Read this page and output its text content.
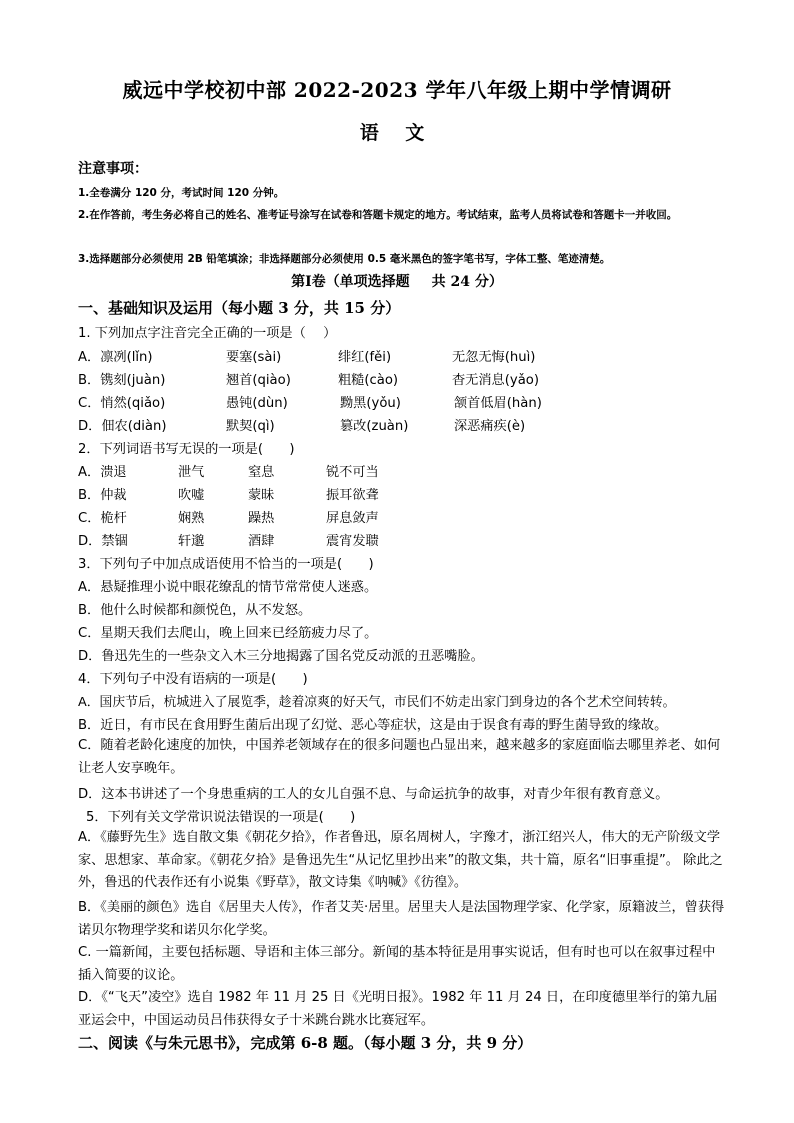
威远中学校初中部 2022-2023 学年八年级上期中学情调研
语 文
注意事项：
1.全卷满分 120 分，考试时间 120 分钟。
2.在作答前，考生务必将自己的姓名、准考证号涂写在试卷和答题卡规定的地方。考试结束，监考人员将试卷和答题卡一并收回。
3.选择题部分必须使用 2B 铅笔填涂；非选择题部分必须使用 0.5 毫米黑色的签字笔书写，字体工整、笔迹清楚。
第Ⅰ卷（单项选择题 共 24 分）
一、基础知识及运用（每小题 3 分，共 15 分）
1. 下列加点字注音完全正确的一项是（　 ）
A．凛冽(lǐn)	要塞(sài)	绯红(fěi)	无忽无悔(huì)
B．镌刻(juàn)	翘首(qiào)	粗糙(cào)	杳无消息(yǎo)
C．悄然(qiǎo)	愚钝(dùn)	黝黑(yǒu)	颔首低眉(hàn)
D．佃农(diàn)	默契(qì)	篡改(zuàn)	深恶痛疾(è)
2．下列词语书写无误的一项是(　　)
A．溃退	泄气	窒息	锐不可当
B．仲裁	吹嘘	蒙昧	振耳欲聋
C．桅杆	娴熟	躁热	屏息敛声
D．禁锢	轩邈	酒肆	震宵发聩
3．下列句子中加点成语使用不恰当的一项是(　　)
A．悬疑推理小说中眼花缭乱的情节常常使人迷惑。
B．他什么时候都和颜悦色，从不发怒。
C．星期天我们去爬山，晚上回来已经筋疲力尽了。
D．鲁迅先生的一些杂文入木三分地揭露了国名党反动派的丑恶嘴脸。
4．下列句子中没有语病的一项是(　　)
A．国庆节后，杭城进入了展览季，趁着凉爽的好天气，市民们不妨走出家门到身边的各个艺术空间转转。
B．近日，有市民在食用野生菌后出现了幻觉、恶心等症状，这是由于误食有毒的野生菌导致的缘故。
C．随着老龄化速度的加快，中国养老领域存在的很多问题也凸显出来，越来越多的家庭面临去哪里养老、如何让老人安享晚年。
D．这本书讲述了一个身患重病的工人的女儿自强不息、与命运抗争的故事，对青少年很有教育意义。
5．下列有关文学常识说法错误的一项是(　　)
A．《藤野先生》选自散文集《朝花夕拾》，作者鲁迅，原名周树人，字豫才，浙江绍兴人，伟大的无产阶级文学家、思想家、革命家。《朝花夕拾》是鲁迅先生“从记忆里抄出来”的散文集，共十篇，原名“旧事重提”。 除此之外，鲁迅的代表作还有小说集《野草》，散文诗集《呐喊》《彷徨》。
B．《美丽的颜色》选自《居里夫人传》，作者艾芙·居里。居里夫人是法国物理学家、化学家，原籍波兰，曾获得诺贝尔物理学奖和诺贝尔化学奖。
C. 一篇新闻，主要包括标题、导语和主体三部分。新闻的基本特征是用事实说话，但有时也可以在叙事过程中插入简要的议论。
D．《“飞天”凌空》选自 1982 年 11 月 25 日《光明日报》。1982 年 11 月 24 日，在印度德里举行的第九届亚运会中，中国运动员吕伟获得女子十米跳台跳水比赛冠军。
二、阅读《与朱元思书》，完成第 6-8 题。（每小题 3 分，共 9 分）
